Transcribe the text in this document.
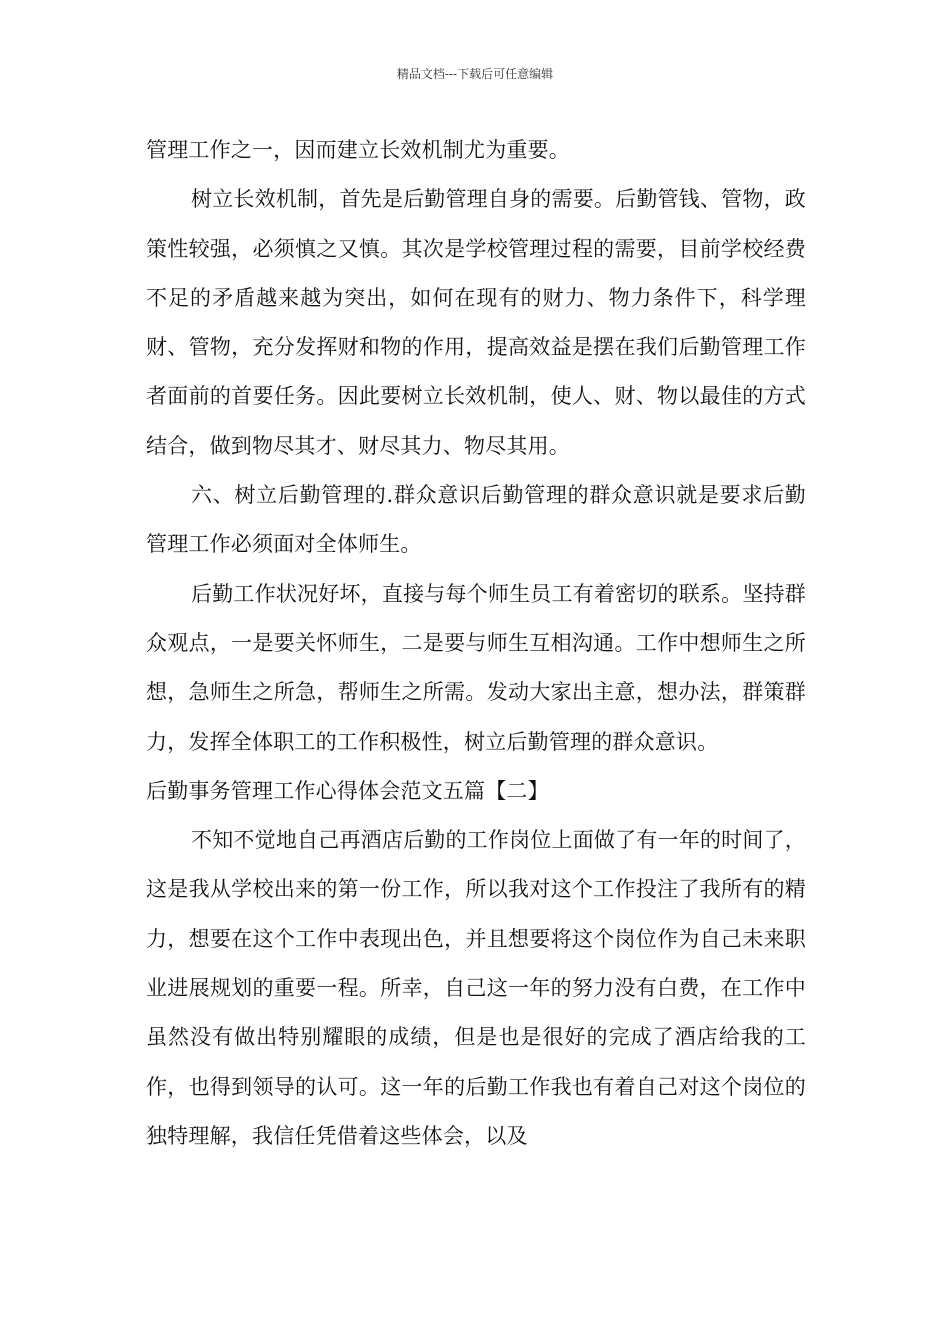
精品文档---下载后可任意编辑

管理工作之一，因而建立长效机制尤为重要。

树立长效机制，首先是后勤管理自身的需要。后勤管钱、管物，政策性较强，必须慎之又慎。其次是学校管理过程的需要，目前学校经费不足的矛盾越来越为突出，如何在现有的财力、物力条件下，科学理财、管物，充分发挥财和物的作用，提高效益是摆在我们后勤管理工作者面前的首要任务。因此要树立长效机制，使人、财、物以最佳的方式结合，做到物尽其才、财尽其力、物尽其用。

六、树立后勤管理的.群众意识后勤管理的群众意识就是要求后勤管理工作必须面对全体师生。

后勤工作状况好坏，直接与每个师生员工有着密切的联系。坚持群众观点，一是要关怀师生，二是要与师生互相沟通。工作中想师生之所想，急师生之所急，帮师生之所需。发动大家出主意，想办法，群策群力，发挥全体职工的工作积极性，树立后勤管理的群众意识。

后勤事务管理工作心得体会范文五篇【二】

不知不觉地自己再酒店后勤的工作岗位上面做了有一年的时间了，这是我从学校出来的第一份工作，所以我对这个工作投注了我所有的精力，想要在这个工作中表现出色，并且想要将这个岗位作为自己未来职业进展规划的重要一程。所幸，自己这一年的努力没有白费，在工作中虽然没有做出特别耀眼的成绩，但是也是很好的完成了酒店给我的工作，也得到领导的认可。这一年的后勤工作我也有着自己对这个岗位的独特理解，我信任凭借着这些体会，以及
